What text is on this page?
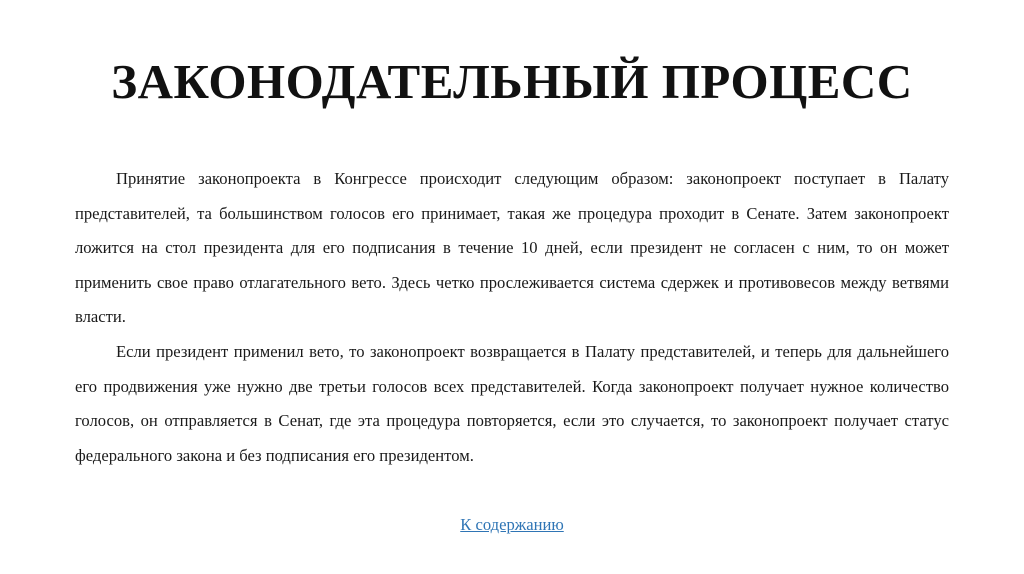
ЗАКОНОДАТЕЛЬНЫЙ ПРОЦЕСС

Принятие законопроекта в Конгрессе происходит следующим образом: законопроект поступает в Палату представителей, та большинством голосов его принимает, такая же процедура проходит в Сенате. Затем законопроект ложится на стол президента для его подписания в течение 10 дней, если президент не согласен с ним, то он может применить свое право отлагательного вето. Здесь четко прослеживается система сдержек и противовесов между ветвями власти.

Если президент применил вето, то законопроект возвращается в Палату представителей, и теперь для дальнейшего его продвижения уже нужно две третьи голосов всех представителей. Когда законопроект получает нужное количество голосов, он отправляется в Сенат, где эта процедура повторяется, если это случается, то законопроект получает статус федерального закона и без подписания его президентом.

К содержанию
